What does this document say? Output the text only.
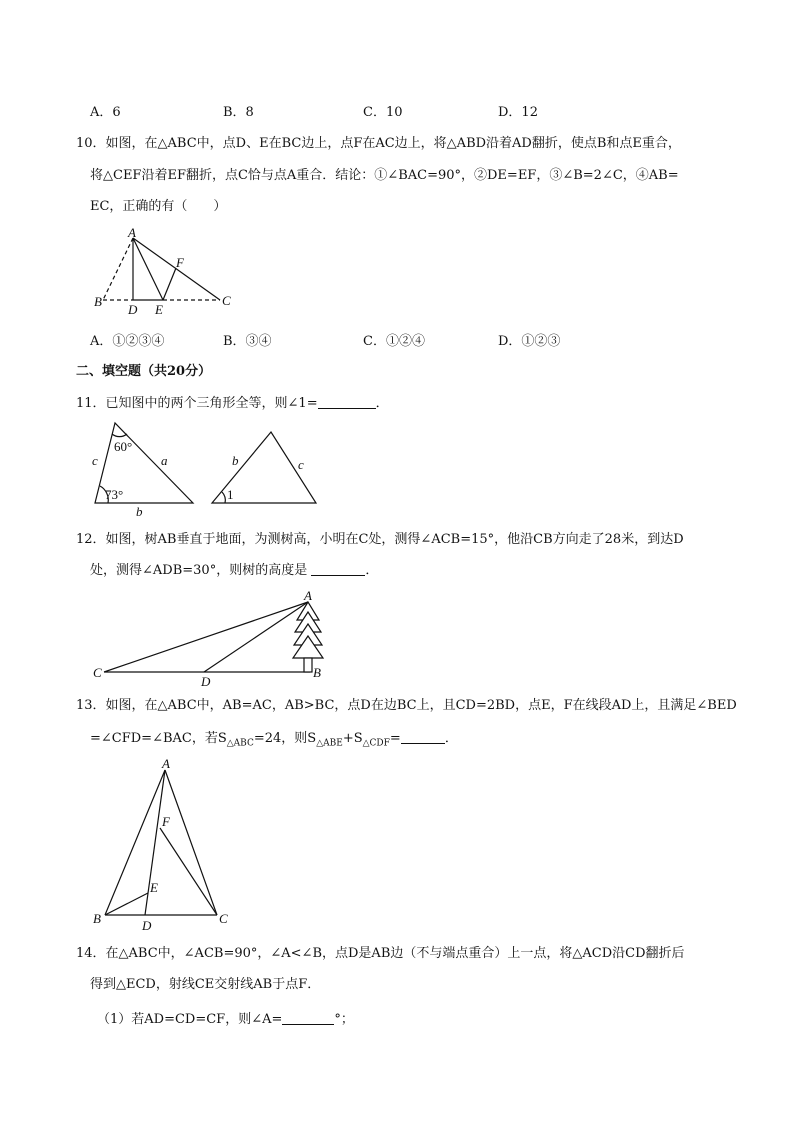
A．6	B．8	C．10	D．12
10．如图，在△ABC中，点D、E在BC边上，点F在AC边上，将△ABD沿着AD翻折，使点B和点E重合，
将△CEF沿着EF翻折，点C恰与点A重合．结论：①∠BAC=90°，②DE=EF，③∠B=2∠C，④AB=
EC，正确的有（　　）
A
F
B
D E
C
A．①②③④	B．③④	C．①②④	D．①②③
二、填空题（共20分）
11．已知图中的两个三角形全等，则∠1=	．
60°
c	a
73°
b
b	c
1
12．如图，树AB垂直于地面，为测树高，小明在C处，测得∠ACB=15°，他沿CB方向走了28米，到达D
处，测得∠ADB=30°，则树的高度是	．
A
C
D
B
13．如图，在△ABC中，AB=AC，AB>BC，点D在边BC上，且CD=2BD，点E，F在线段AD上，且满足∠BED
=∠CFD=∠BAC，若$S_{\triangle ABC}=24$，则$S_{\triangle ABE}+S_{\triangle CDF}=$	．
A
F
E
B	D	C
14．在△ABC中，∠ACB=90°，∠A<∠B，点D是AB边（不与端点重合）上一点，将△ACD沿CD翻折后
得到△ECD，射线CE交射线AB于点F．
（1）若AD=CD=CF，则∠A=	°；
